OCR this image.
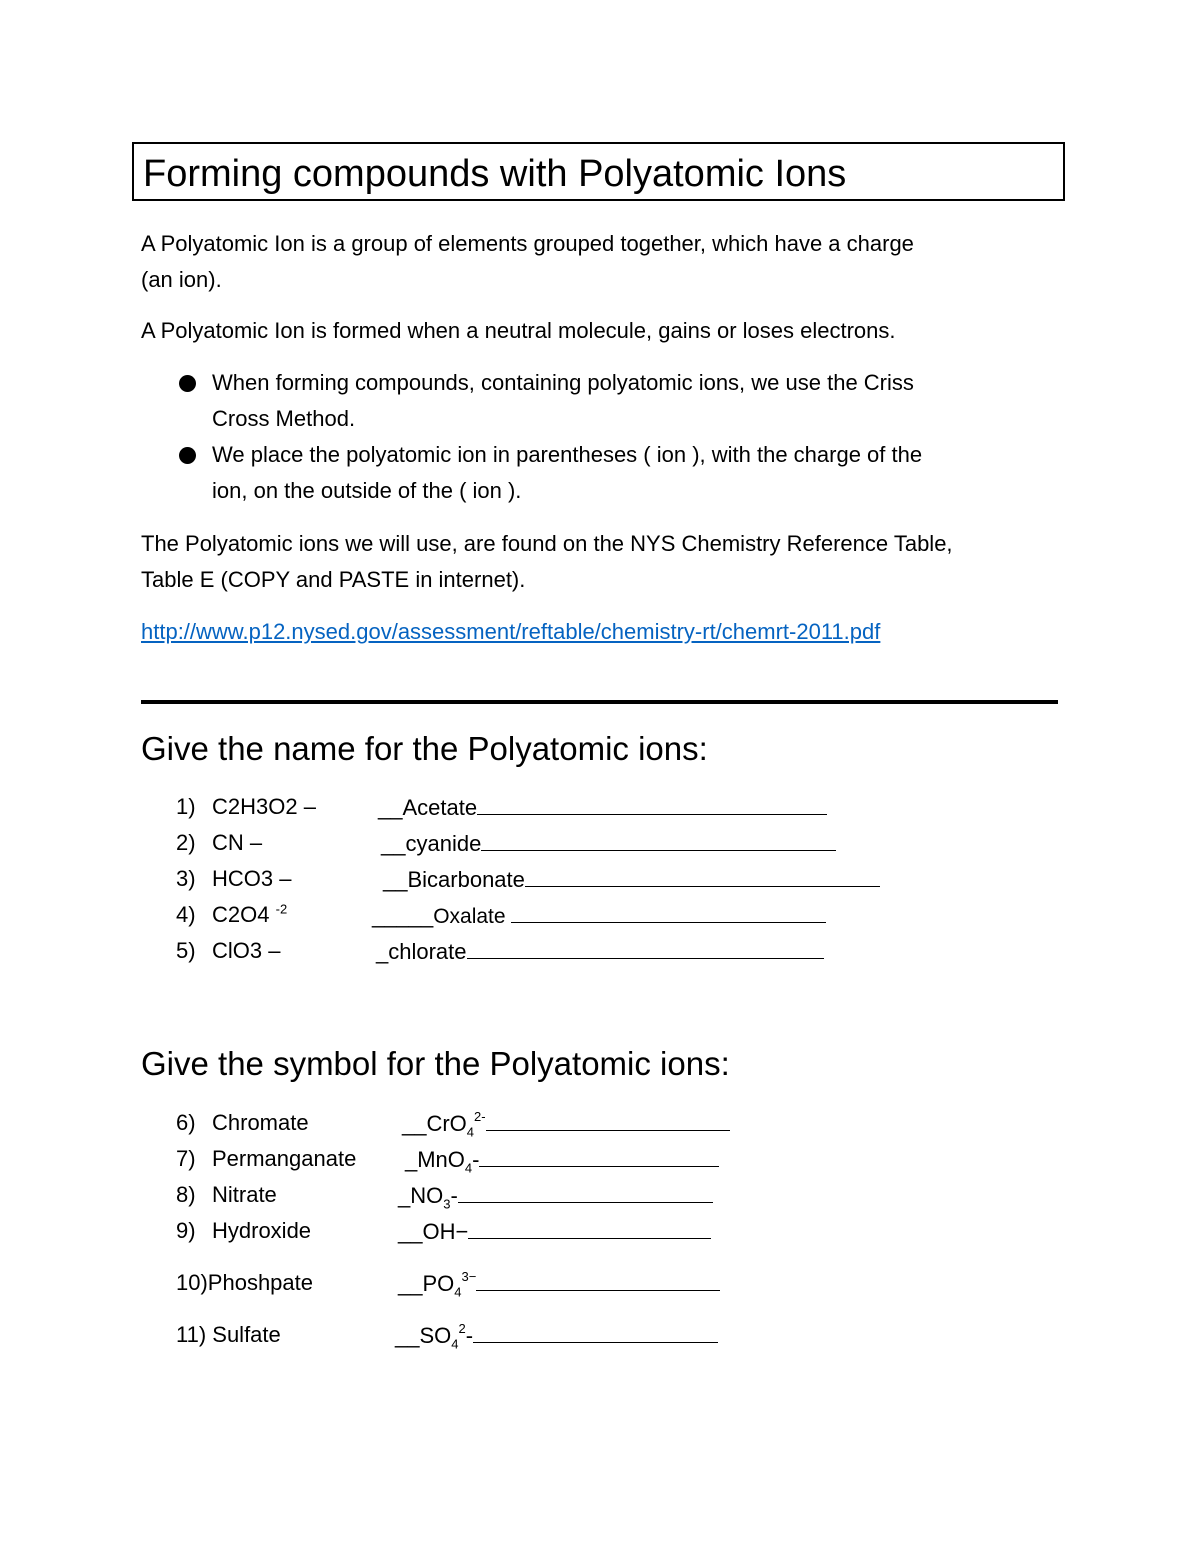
Forming compounds with Polyatomic Ions

A Polyatomic Ion is a group of elements grouped together, which have a charge

(an ion).

A Polyatomic Ion is formed when a neutral molecule, gains or loses electrons.

When forming compounds, containing polyatomic ions, we use the Criss
Cross Method.
We place the polyatomic ion in parentheses ( ion ), with the charge of the
ion, on the outside of the ( ion ).

The Polyatomic ions we will use, are found on the NYS Chemistry Reference Table,

Table E (COPY and PASTE in internet).

http://www.p12.nysed.gov/assessment/reftable/chemistry-rt/chemrt-2011.pdf
Give the name for the Polyatomic ions:
1) C2H3O2 –	__Acetate
2) CN –	__cyanide
3) HCO3 –	__Bicarbonate
4) C2O4 $^{-2}$	_____Oxalate
5) ClO3 –	_chlorate
Give the symbol for the Polyatomic ions:
6) Chromate	__CrO$_4^{2-}$
7) Permanganate _MnO$_4$-
8) Nitrate	$\_NO_3-$
9) Hydroxide	__OH−
10)Phoshpate	$\_\_PO_4^{3-}$
11) Sulfate	$\_\_SO_4^2-$
